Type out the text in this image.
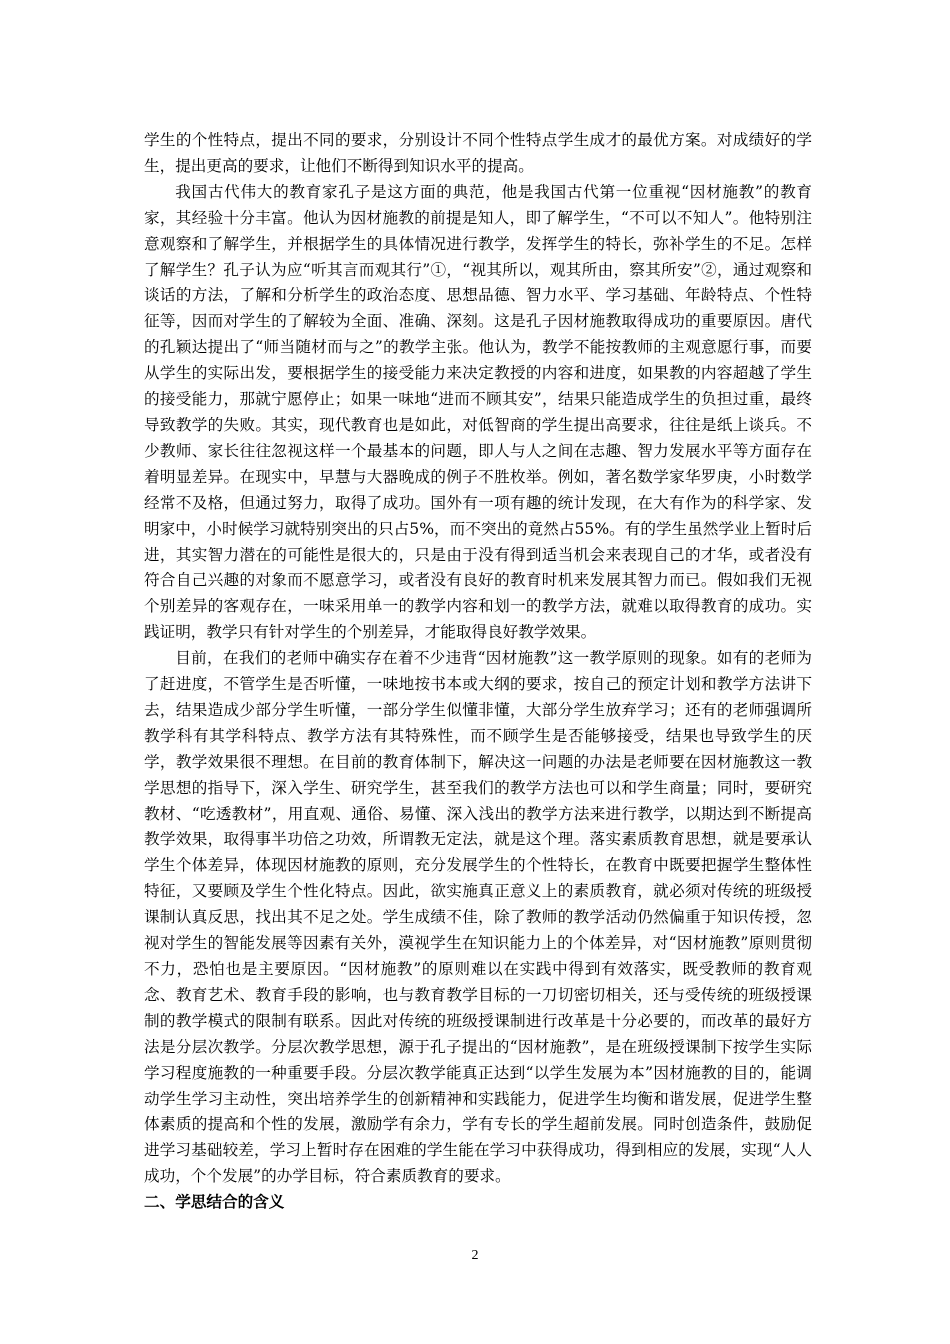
学生的个性特点，提出不同的要求，分别设计不同个性特点学生成才的最优方案。对成绩好的学生，提出更高的要求，让他们不断得到知识水平的提高。

我国古代伟大的教育家孔子是这方面的典范，他是我国古代第一位重视“因材施教”的教育家，其经验十分丰富。他认为因材施教的前提是知人，即了解学生，“不可以不知人”。他特别注意观察和了解学生，并根据学生的具体情况进行教学，发挥学生的特长，弥补学生的不足。怎样了解学生？孔子认为应“听其言而观其行”①，“视其所以，观其所由，察其所安”②，通过观察和谈话的方法，了解和分析学生的政治态度、思想品德、智力水平、学习基础、年龄特点、个性特征等，因而对学生的了解较为全面、准确、深刻。这是孔子因材施教取得成功的重要原因。唐代的孔颖达提出了“师当随材而与之”的教学主张。他认为，教学不能按教师的主观意愿行事，而要从学生的实际出发，要根据学生的接受能力来决定教授的内容和进度，如果教的内容超越了学生的接受能力，那就宁愿停止；如果一味地“进而不顾其安”，结果只能造成学生的负担过重，最终导致教学的失败。其实，现代教育也是如此，对低智商的学生提出高要求，往往是纸上谈兵。不少教师、家长往往忽视这样一个最基本的问题，即人与人之间在志趣、智力发展水平等方面存在着明显差异。在现实中，早慧与大器晚成的例子不胜枚举。例如，著名数学家华罗庚，小时数学经常不及格，但通过努力，取得了成功。国外有一项有趣的统计发现，在大有作为的科学家、发明家中，小时候学习就特别突出的只占5%，而不突出的竟然占55%。有的学生虽然学业上暂时后进，其实智力潜在的可能性是很大的，只是由于没有得到适当机会来表现自己的才华，或者没有符合自己兴趣的对象而不愿意学习，或者没有良好的教育时机来发展其智力而已。假如我们无视个别差异的客观存在，一味采用单一的教学内容和划一的教学方法，就难以取得教育的成功。实践证明，教学只有针对学生的个别差异，才能取得良好教学效果。

目前，在我们的老师中确实存在着不少违背“因材施教”这一教学原则的现象。如有的老师为了赶进度，不管学生是否听懂，一味地按书本或大纲的要求，按自己的预定计划和教学方法讲下去，结果造成少部分学生听懂，一部分学生似懂非懂，大部分学生放弃学习；还有的老师强调所教学科有其学科特点、教学方法有其特殊性，而不顾学生是否能够接受，结果也导致学生的厌学，教学效果很不理想。在目前的教育体制下，解决这一问题的办法是老师要在因材施教这一教学思想的指导下，深入学生、研究学生，甚至我们的教学方法也可以和学生商量；同时，要研究教材、“吃透教材”，用直观、通俗、易懂、深入浅出的教学方法来进行教学，以期达到不断提高教学效果，取得事半功倍之功效，所谓教无定法，就是这个理。落实素质教育思想，就是要承认学生个体差异，体现因材施教的原则，充分发展学生的个性特长，在教育中既要把握学生整体性特征，又要顾及学生个性化特点。因此，欲实施真正意义上的素质教育，就必须对传统的班级授课制认真反思，找出其不足之处。学生成绩不佳，除了教师的教学活动仍然偏重于知识传授，忽视对学生的智能发展等因素有关外，漠视学生在知识能力上的个体差异，对“因材施教”原则贯彻不力，恐怕也是主要原因。“因材施教”的原则难以在实践中得到有效落实，既受教师的教育观念、教育艺术、教育手段的影响，也与教育教学目标的一刀切密切相关，还与受传统的班级授课制的教学模式的限制有联系。因此对传统的班级授课制进行改革是十分必要的，而改革的最好方法是分层次教学。分层次教学思想，源于孔子提出的“因材施教”，是在班级授课制下按学生实际学习程度施教的一种重要手段。分层次教学能真正达到“以学生发展为本”因材施教的目的，能调动学生学习主动性，突出培养学生的创新精神和实践能力，促进学生均衡和谐发展，促进学生整体素质的提高和个性的发展，激励学有余力，学有专长的学生超前发展。同时创造条件，鼓励促进学习基础较差，学习上暂时存在困难的学生能在学习中获得成功，得到相应的发展，实现“人人成功，个个发展”的办学目标，符合素质教育的要求。

二、学思结合的含义
2
